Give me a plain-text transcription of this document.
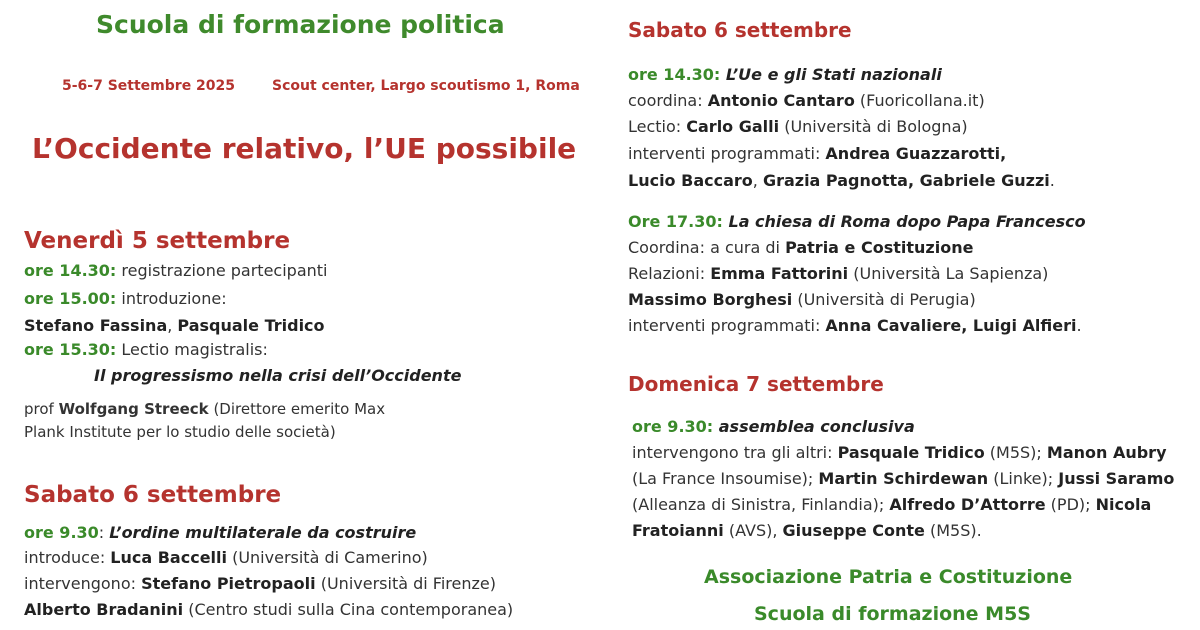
Scuola di formazione politica
5-6-7 Settembre 2025	Scout center, Largo scoutismo 1, Roma
L’Occidente relativo, l’UE possibile
Venerdì 5 settembre
ore 14.30: registrazione partecipanti
ore 15.00: introduzione:
Stefano Fassina, Pasquale Tridico
ore 15.30: Lectio magistralis:
Il progressismo nella crisi dell’Occidente
prof Wolfgang Streeck (Direttore emerito Max
Plank Institute per lo studio delle società)
Sabato 6 settembre
ore 9.30: L’ordine multilaterale da costruire
introduce: Luca Baccelli (Università di Camerino)
intervengono: Stefano Pietropaoli (Università di Firenze)
Alberto Bradanini (Centro studi sulla Cina contemporanea)
Sabato 6 settembre
ore 14.30: L’Ue e gli Stati nazionali
coordina: Antonio Cantaro (Fuoricollana.it)
Lectio: Carlo Galli (Università di Bologna)
interventi programmati: Andrea Guazzarotti,
Lucio Baccaro, Grazia Pagnotta, Gabriele Guzzi.
Ore 17.30: La chiesa di Roma dopo Papa Francesco
Coordina: a cura di Patria e Costituzione
Relazioni: Emma Fattorini (Università La Sapienza)
Massimo Borghesi (Università di Perugia)
interventi programmati: Anna Cavaliere, Luigi Alfieri.
Domenica 7 settembre
ore 9.30: assemblea conclusiva
intervengono tra gli altri: Pasquale Tridico (M5S); Manon Aubry
(La France Insoumise); Martin Schirdewan (Linke); Jussi Saramo
(Alleanza di Sinistra, Finlandia); Alfredo D’Attorre (PD); Nicola
Fratoianni (AVS), Giuseppe Conte (M5S).
Associazione Patria e Costituzione
Scuola di formazione M5S
